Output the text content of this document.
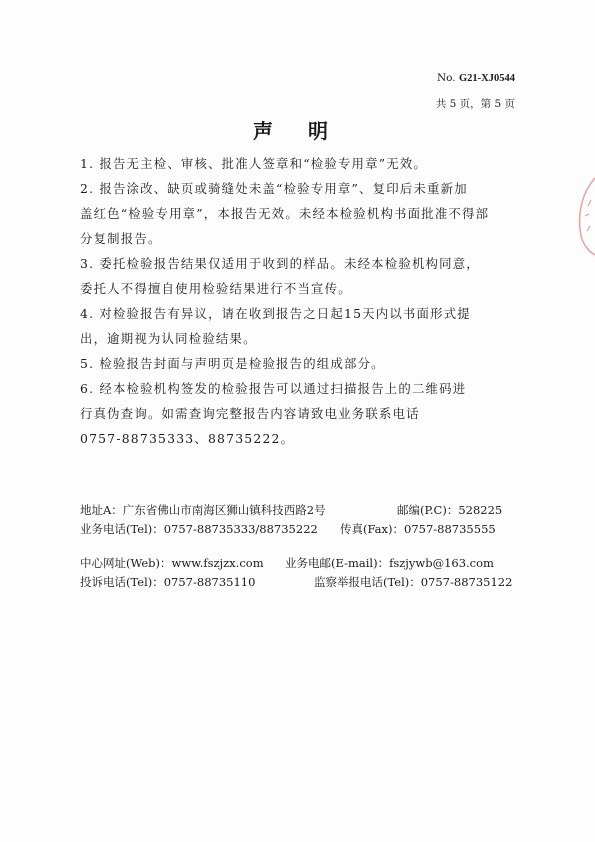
No. G21-XJ0544
共 5 页，第 5 页
声 明

1. 报告无主检、审核、批准人签章和“检验专用章”无效。

2. 报告涂改、缺页或骑缝处未盖“检验专用章”、复印后未重新加
盖红色“检验专用章”，本报告无效。未经本检验机构书面批准不得部
分复制报告。

3. 委托检验报告结果仅适用于收到的样品。未经本检验机构同意，
委托人不得擅自使用检验结果进行不当宣传。

4. 对检验报告有异议，请在收到报告之日起15天内以书面形式提
出，逾期视为认同检验结果。

5. 检验报告封面与声明页是检验报告的组成部分。

6. 经本检验机构签发的检验报告可以通过扫描报告上的二维码进
行真伪查询。如需查询完整报告内容请致电业务联系电话
0757-88735333、88735222。

地址A：广东省佛山市南海区狮山镇科技西路2号	邮编(P.C)：528225
业务电话(Tel)：0757-88735333/88735222 传真(Fax)：0757-88735555
中心网址(Web)：www.fszjzx.com 业务电邮(E-mail)：fszjywb@163.com
投诉电话(Tel)：0757-88735110	监察举报电话(Tel)：0757-88735122
